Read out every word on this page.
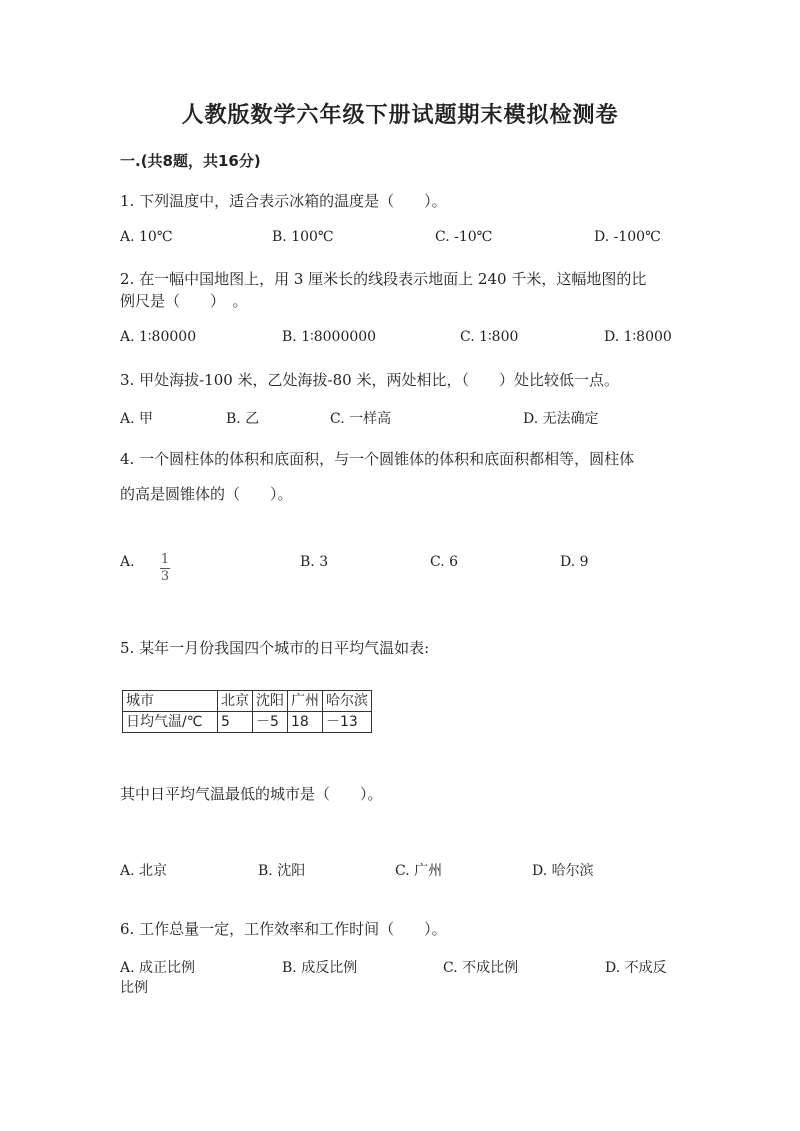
人教版数学六年级下册试题期末模拟检测卷
一.(共8题，共16分)
1. 下列温度中，适合表示冰箱的温度是（　　）。
A. 10℃	B. 100℃	C. -10℃	D. -100℃
2. 在一幅中国地图上，用 3 厘米长的线段表示地面上 240 千米，这幅地图的比
例尺是（　　）　。
A. 1∶80000	B. 1∶8000000	C. 1∶800	D. 1∶8000
3. 甲处海拔-100 米，乙处海拔-80 米，两处相比，（　　）处比较低一点。
A. 甲	B. 乙	C. 一样高	D. 无法确定
4. 一个圆柱体的体积和底面积，与一个圆锥体的体积和底面积都相等，圆柱体
的高是圆锥体的（　　）。
A. $\frac{1}{3}$	B. 3	C. 6	D. 9
5. 某年一月份我国四个城市的日平均气温如表:
城市	北京	沈阳	广州	哈尔滨
日均气温/℃	5	－5	18	－13
其中日平均气温最低的城市是（　　）。
A. 北京	B. 沈阳	C. 广州	D. 哈尔滨
6. 工作总量一定，工作效率和工作时间（　　）。
A. 成正比例	B. 成反比例	C. 不成比例	D. 不成反
比例
